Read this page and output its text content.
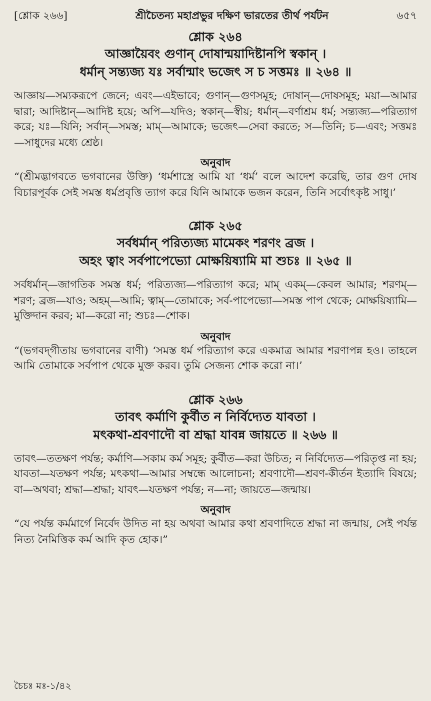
[শ্লোক ২৬৬]	শ্রীচৈতন্য মহাপ্রভুর দক্ষিণ ভারতের তীর্থ পর্যটন	৬৫৭
শ্লোক ২৬৪
আজ্ঞায়ৈবং গুণান্ দোষান্ময়াদিষ্টানপি স্বকান্ ।
ধর্মান্ সন্ত্যজ্য যঃ সর্বান্মাং ভজেৎ স চ সত্তমঃ ॥ ২৬৪ ॥
আজ্ঞায়—সম্যকরূপে জেনে; এবং—এইভাবে; গুণান্—গুণসমূহ; দোষান্—দোষসমূহ; ময়া—আমার দ্বারা; আদিষ্টান্—আদিষ্ট হয়ে; অপি—যদিও; স্বকান্—স্বীয়; ধর্মান্—বর্ণাশ্রম ধর্ম; সন্ত্যজ্য—পরিত্যাগ করে; যঃ—যিনি; সর্বান্—সমস্ত; মাম্—আমাকে; ভজেৎ—সেবা করতে; স—তিনি; চ—এবং; সত্তমঃ—সাধুদের মধ্যে শ্রেষ্ঠ।
অনুবাদ
“(শ্রীমদ্ভাগবতে ভগবানের উক্তি) ‘ধর্মশাস্ত্রে আমি যা ‘ধর্ম’ বলে আদেশ করেছি, তার গুণ দোষ বিচারপূর্বক সেই সমস্ত ধর্মপ্রবৃত্তি ত্যাগ করে যিনি আমাকে ভজন করেন, তিনি সর্বোৎকৃষ্ট সাধু।’
শ্লোক ২৬৫
সর্বধর্মান্ পরিত্যজ্য মামেকং শরণং ব্রজ ।
অহং ত্বাং সর্বপাপেভ্যো মোক্ষয়িষ্যামি মা শুচঃ ॥ ২৬৫ ॥
সর্বধর্মান্—জাগতিক সমস্ত ধর্ম; পরিত্যজ্য—পরিত্যাগ করে; মাম্ একম্—কেবল আমার; শরণম্—শরণ; ব্রজ—যাও; অহম্—আমি; ত্বাম্—তোমাকে; সর্ব-পাপেভ্যো—সমস্ত পাপ থেকে; মোক্ষয়িষ্যামি—মুক্তিদান করব; মা—করো না; শুচঃ—শোক।
অনুবাদ
“(ভগবদ্‌গীতায় ভগবানের বাণী) ‘সমস্ত ধর্ম পরিত্যাগ করে একমাত্র আমার শরণাপন্ন হও। তাহলে আমি তোমাকে সর্বপাপ থেকে মুক্ত করব। তুমি সেজন্য শোক করো না।’
শ্লোক ২৬৬
তাবৎ কর্মাণি কুর্বীত ন নির্বিদ্যেত যাবতা ।
মৎকথা-শ্রবণাদৌ বা শ্রদ্ধা যাবন্ন জায়তে ॥ ২৬৬ ॥
তাবৎ—ততক্ষণ পর্যন্ত; কর্মাণি—সকাম কর্ম সমূহ; কুর্বীত—করা উচিত; ন নির্বিদ্যেত—পরিতৃপ্ত না হয়; যাবতা—যতক্ষণ পর্যন্ত; মৎকথা—আমার সম্বন্ধে আলোচনা; শ্রবণাদৌ—শ্রবণ-কীর্তন ইত্যাদি বিষয়ে; বা—অথবা; শ্রদ্ধা—শ্রদ্ধা; যাবৎ—যতক্ষণ পর্যন্ত; ন—না; জায়তে—জন্মায়।
অনুবাদ
“যে পর্যন্ত কর্মমার্গে নির্বেদ উদিত না হয় অথবা আমার কথা শ্রবণাদিতে শ্রদ্ধা না জন্মায়, সেই পর্যন্ত নিত্য নৈমিত্তিক কর্ম আদি কৃত হোক।”
চৈচঃ মঃ-১/৪২
